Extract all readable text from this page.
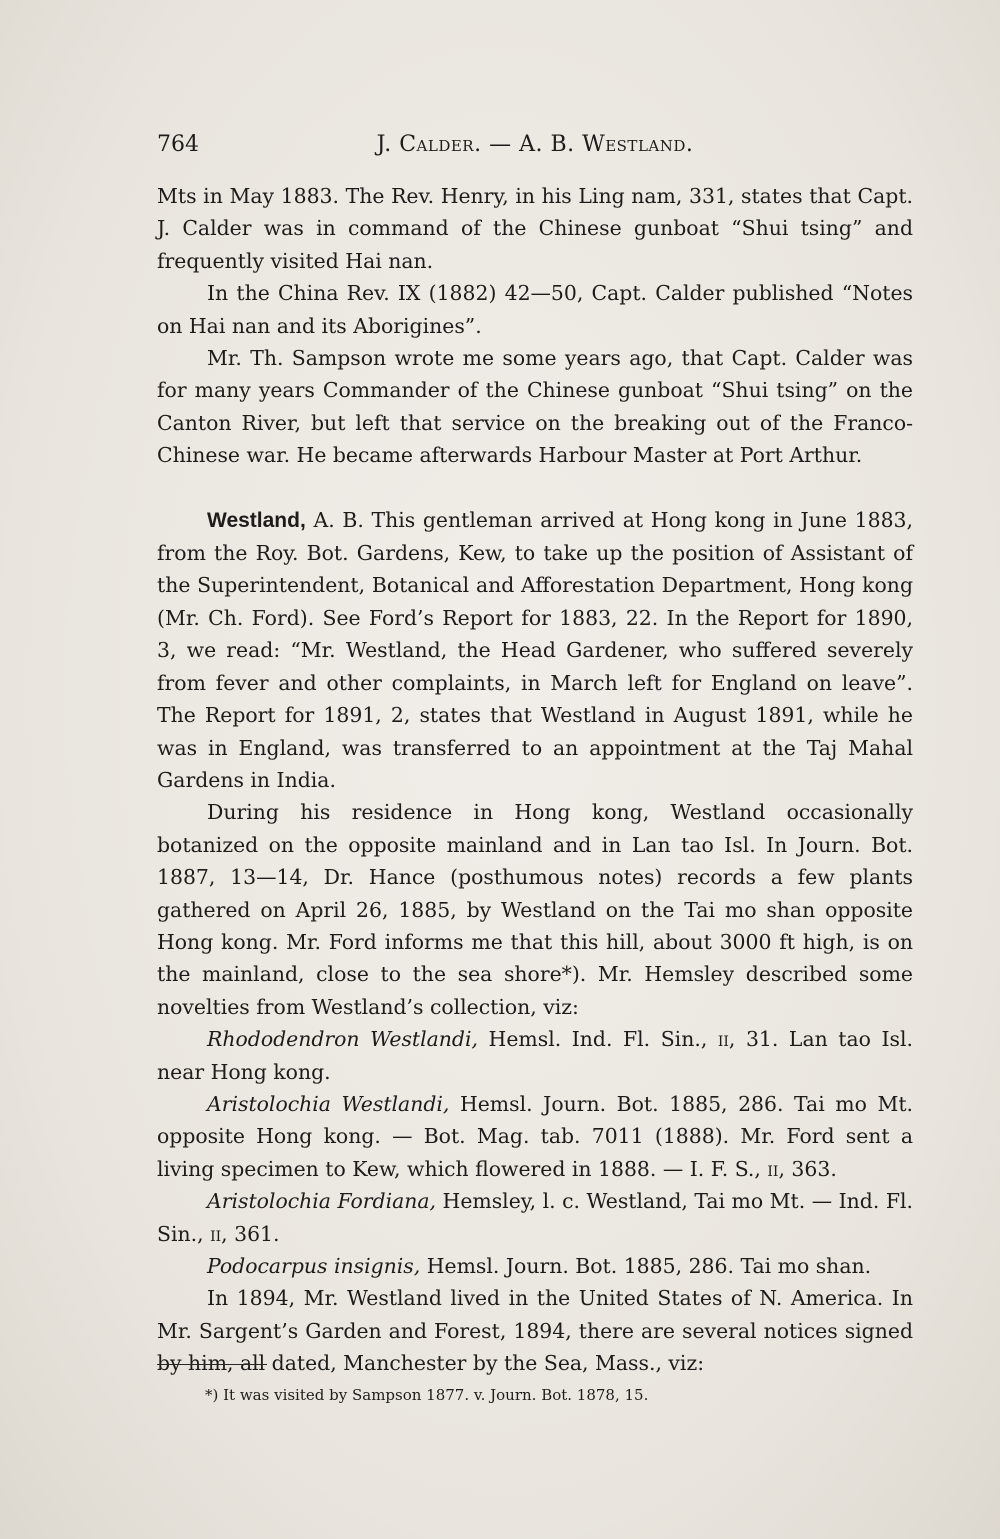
764	J. Calder. — A. B. Westland.

Mts in May 1883. The Rev. Henry, in his Ling nam, 331, states that Capt. J. Calder was in command of the Chinese gunboat “Shui tsing” and frequently visited Hai nan.

In the China Rev. IX (1882) 42—50, Capt. Calder published “Notes on Hai nan and its Aborigines”.

Mr. Th. Sampson wrote me some years ago, that Capt. Calder was for many years Commander of the Chinese gunboat “Shui tsing” on the Canton River, but left that service on the breaking out of the Franco-Chinese war. He became afterwards Harbour Master at Port Arthur.

Westland, A. B. This gentleman arrived at Hong kong in June 1883, from the Roy. Bot. Gardens, Kew, to take up the position of Assistant of the Superintendent, Botanical and Afforestation Department, Hong kong (Mr. Ch. Ford). See Ford’s Report for 1883, 22. In the Report for 1890, 3, we read: “Mr. Westland, the Head Gardener, who suffered severely from fever and other complaints, in March left for England on leave”. The Report for 1891, 2, states that Westland in August 1891, while he was in England, was transferred to an appointment at the Taj Mahal Gardens in India.

During his residence in Hong kong, Westland occasionally botanized on the opposite mainland and in Lan tao Isl. In Journ. Bot. 1887, 13—14, Dr. Hance (posthumous notes) records a few plants gathered on April 26, 1885, by Westland on the Tai mo shan opposite Hong kong. Mr. Ford informs me that this hill, about 3000 ft high, is on the mainland, close to the sea shore*). Mr. Hemsley described some novelties from Westland’s collection, viz:

Rhododendron Westlandi, Hemsl. Ind. Fl. Sin., ii, 31. Lan tao Isl. near Hong kong.

Aristolochia Westlandi, Hemsl. Journ. Bot. 1885, 286. Tai mo Mt. opposite Hong kong. — Bot. Mag. tab. 7011 (1888). Mr. Ford sent a living specimen to Kew, which flowered in 1888. — I. F. S., ii, 363.

Aristolochia Fordiana, Hemsley, l. c. Westland, Tai mo Mt. — Ind. Fl. Sin., ii, 361.

Podocarpus insignis, Hemsl. Journ. Bot. 1885, 286. Tai mo shan.

In 1894, Mr. Westland lived in the United States of N. America. In Mr. Sargent’s Garden and Forest, 1894, there are several notices signed by him, all dated, Manchester by the Sea, Mass., viz:

*) It was visited by Sampson 1877. v. Journ. Bot. 1878, 15.
